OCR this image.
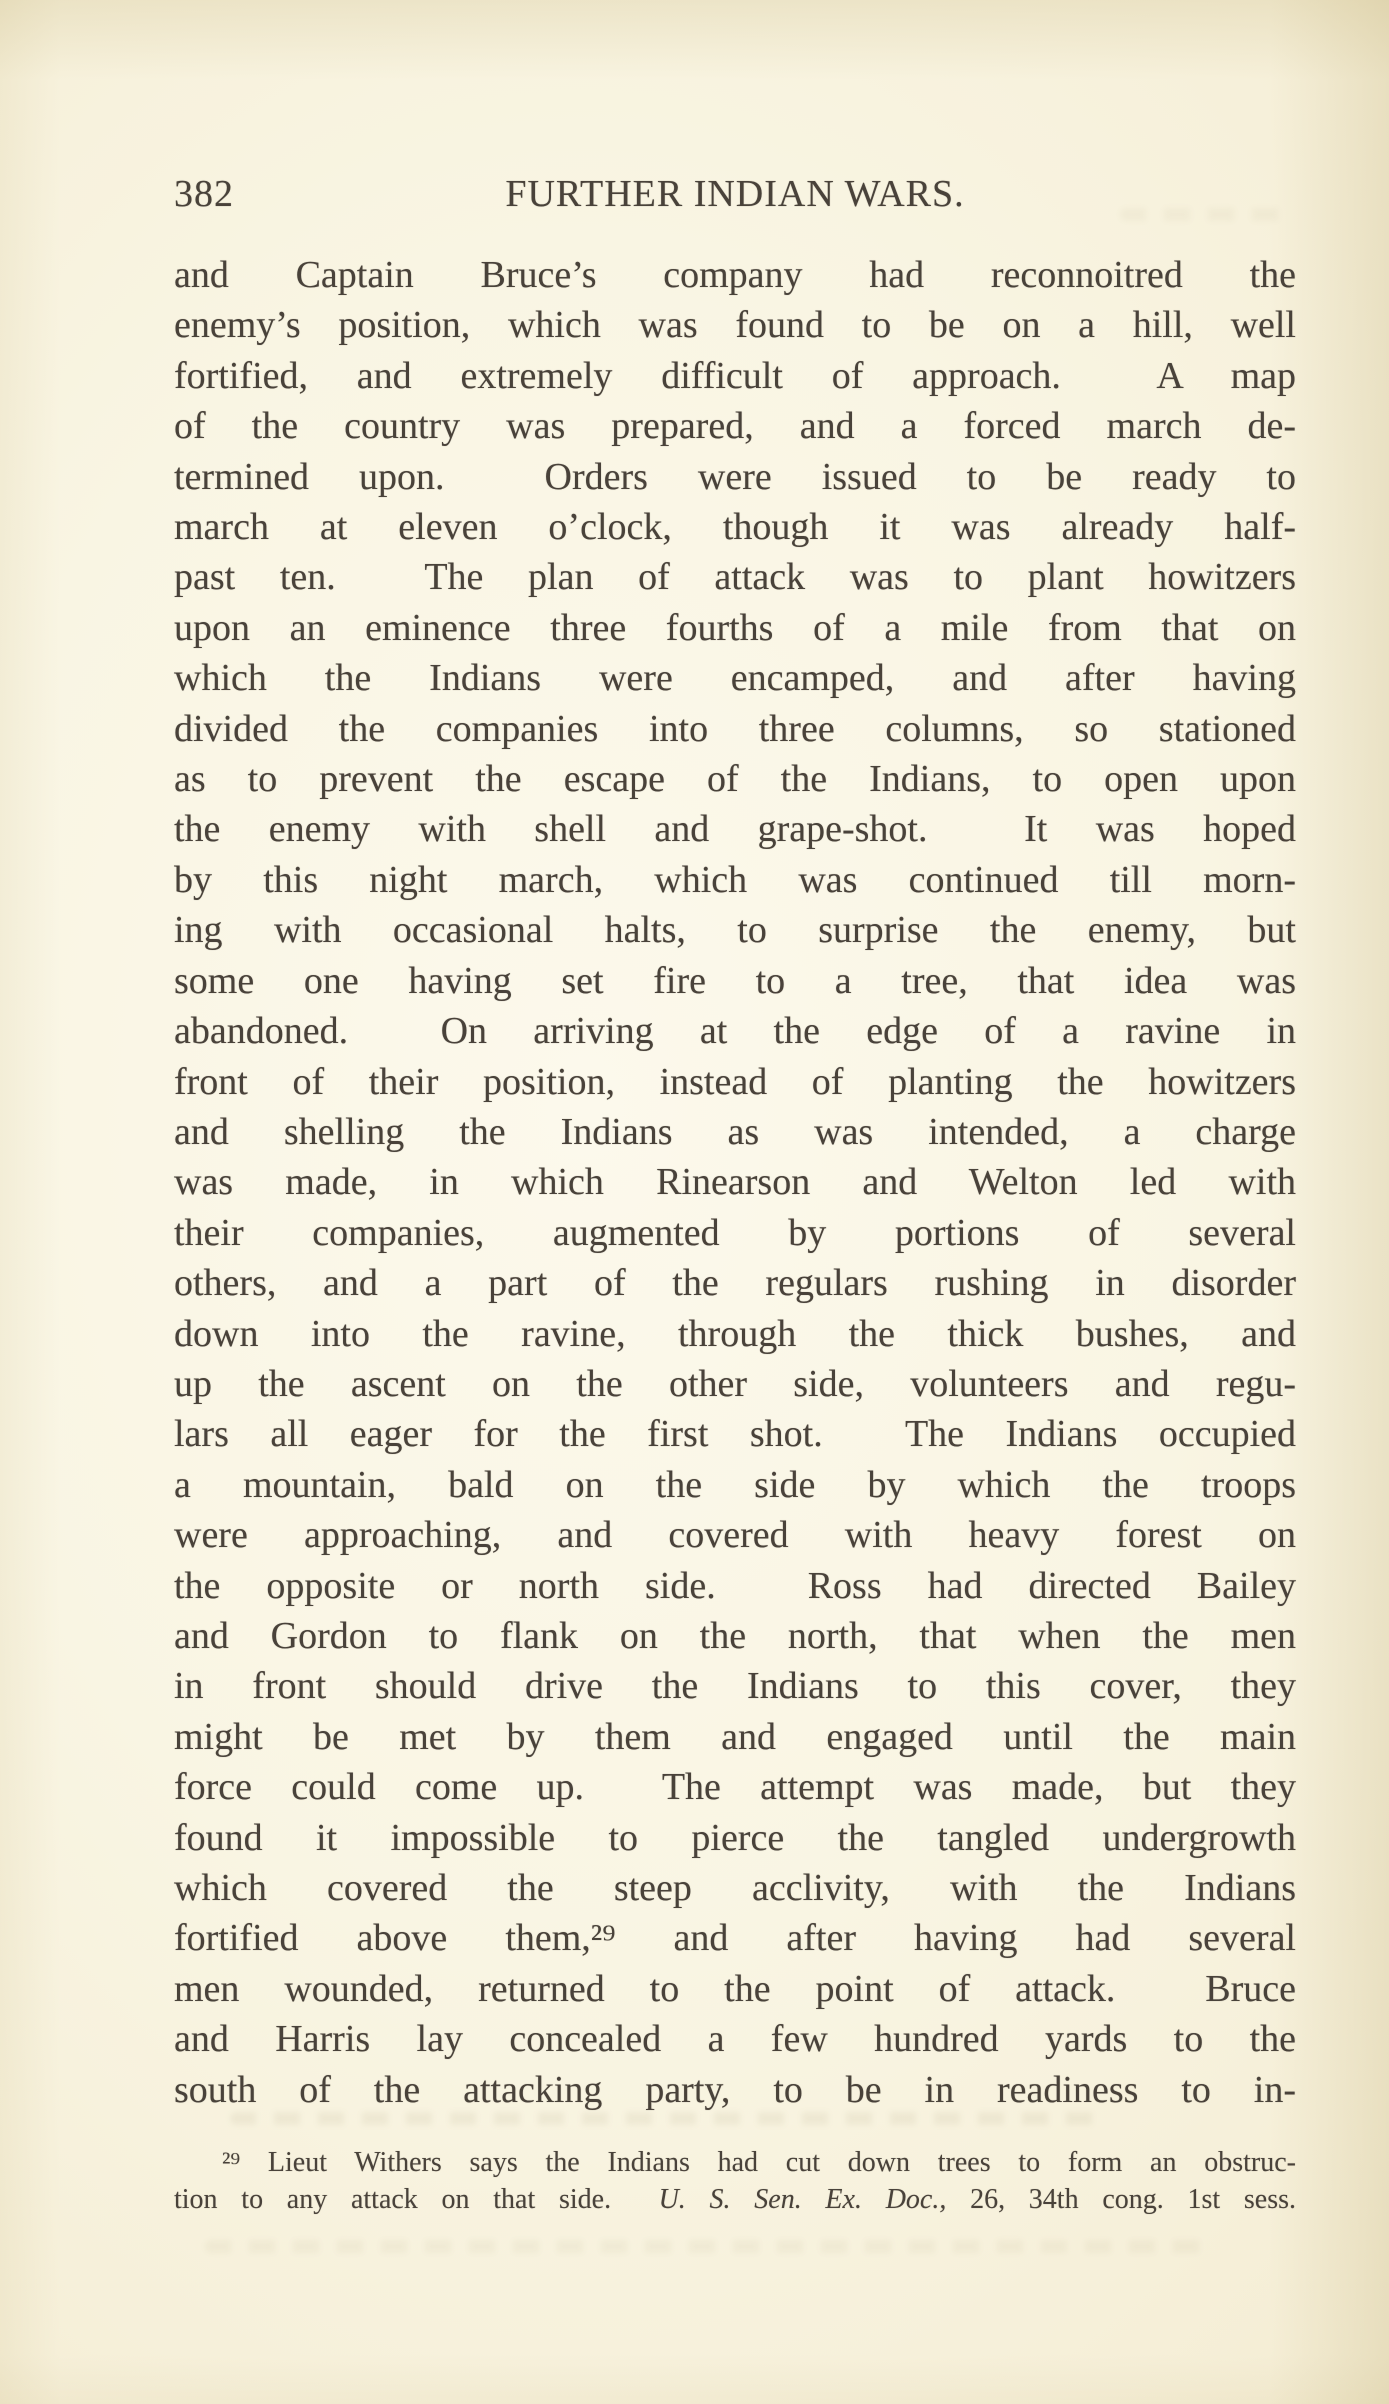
382	FURTHER INDIAN WARS.
and Captain Bruce’s company had reconnoitred the
enemy’s position, which was found to be on a hill, well
fortified, and extremely difficult of approach.  A map
of the country was prepared, and a forced march de-
termined upon.  Orders were issued to be ready to
march at eleven o’clock, though it was already half-
past ten.  The plan of attack was to plant howitzers
upon an eminence three fourths of a mile from that on
which the Indians were encamped, and after having
divided the companies into three columns, so stationed
as to prevent the escape of the Indians, to open upon
the enemy with shell and grape-shot.  It was hoped
by this night march, which was continued till morn-
ing with occasional halts, to surprise the enemy, but
some one having set fire to a tree, that idea was
abandoned.  On arriving at the edge of a ravine in
front of their position, instead of planting the howitzers
and shelling the Indians as was intended, a charge
was made, in which Rinearson and Welton led with
their companies, augmented by portions of several
others, and a part of the regulars rushing in disorder
down into the ravine, through the thick bushes, and
up the ascent on the other side, volunteers and regu-
lars all eager for the first shot.  The Indians occupied
a mountain, bald on the side by which the troops
were approaching, and covered with heavy forest on
the opposite or north side.  Ross had directed Bailey
and Gordon to flank on the north, that when the men
in front should drive the Indians to this cover, they
might be met by them and engaged until the main
force could come up.  The attempt was made, but they
found it impossible to pierce the tangled undergrowth
which covered the steep acclivity, with the Indians
fortified above them,²⁹ and after having had several
men wounded, returned to the point of attack.  Bruce
and Harris lay concealed a few hundred yards to the
south of the attacking party, to be in readiness to in-
²⁹ Lieut Withers says the Indians had cut down trees to form an obstruc-
tion to any attack on that side.  U. S. Sen. Ex. Doc., 26, 34th cong. 1st sess.
